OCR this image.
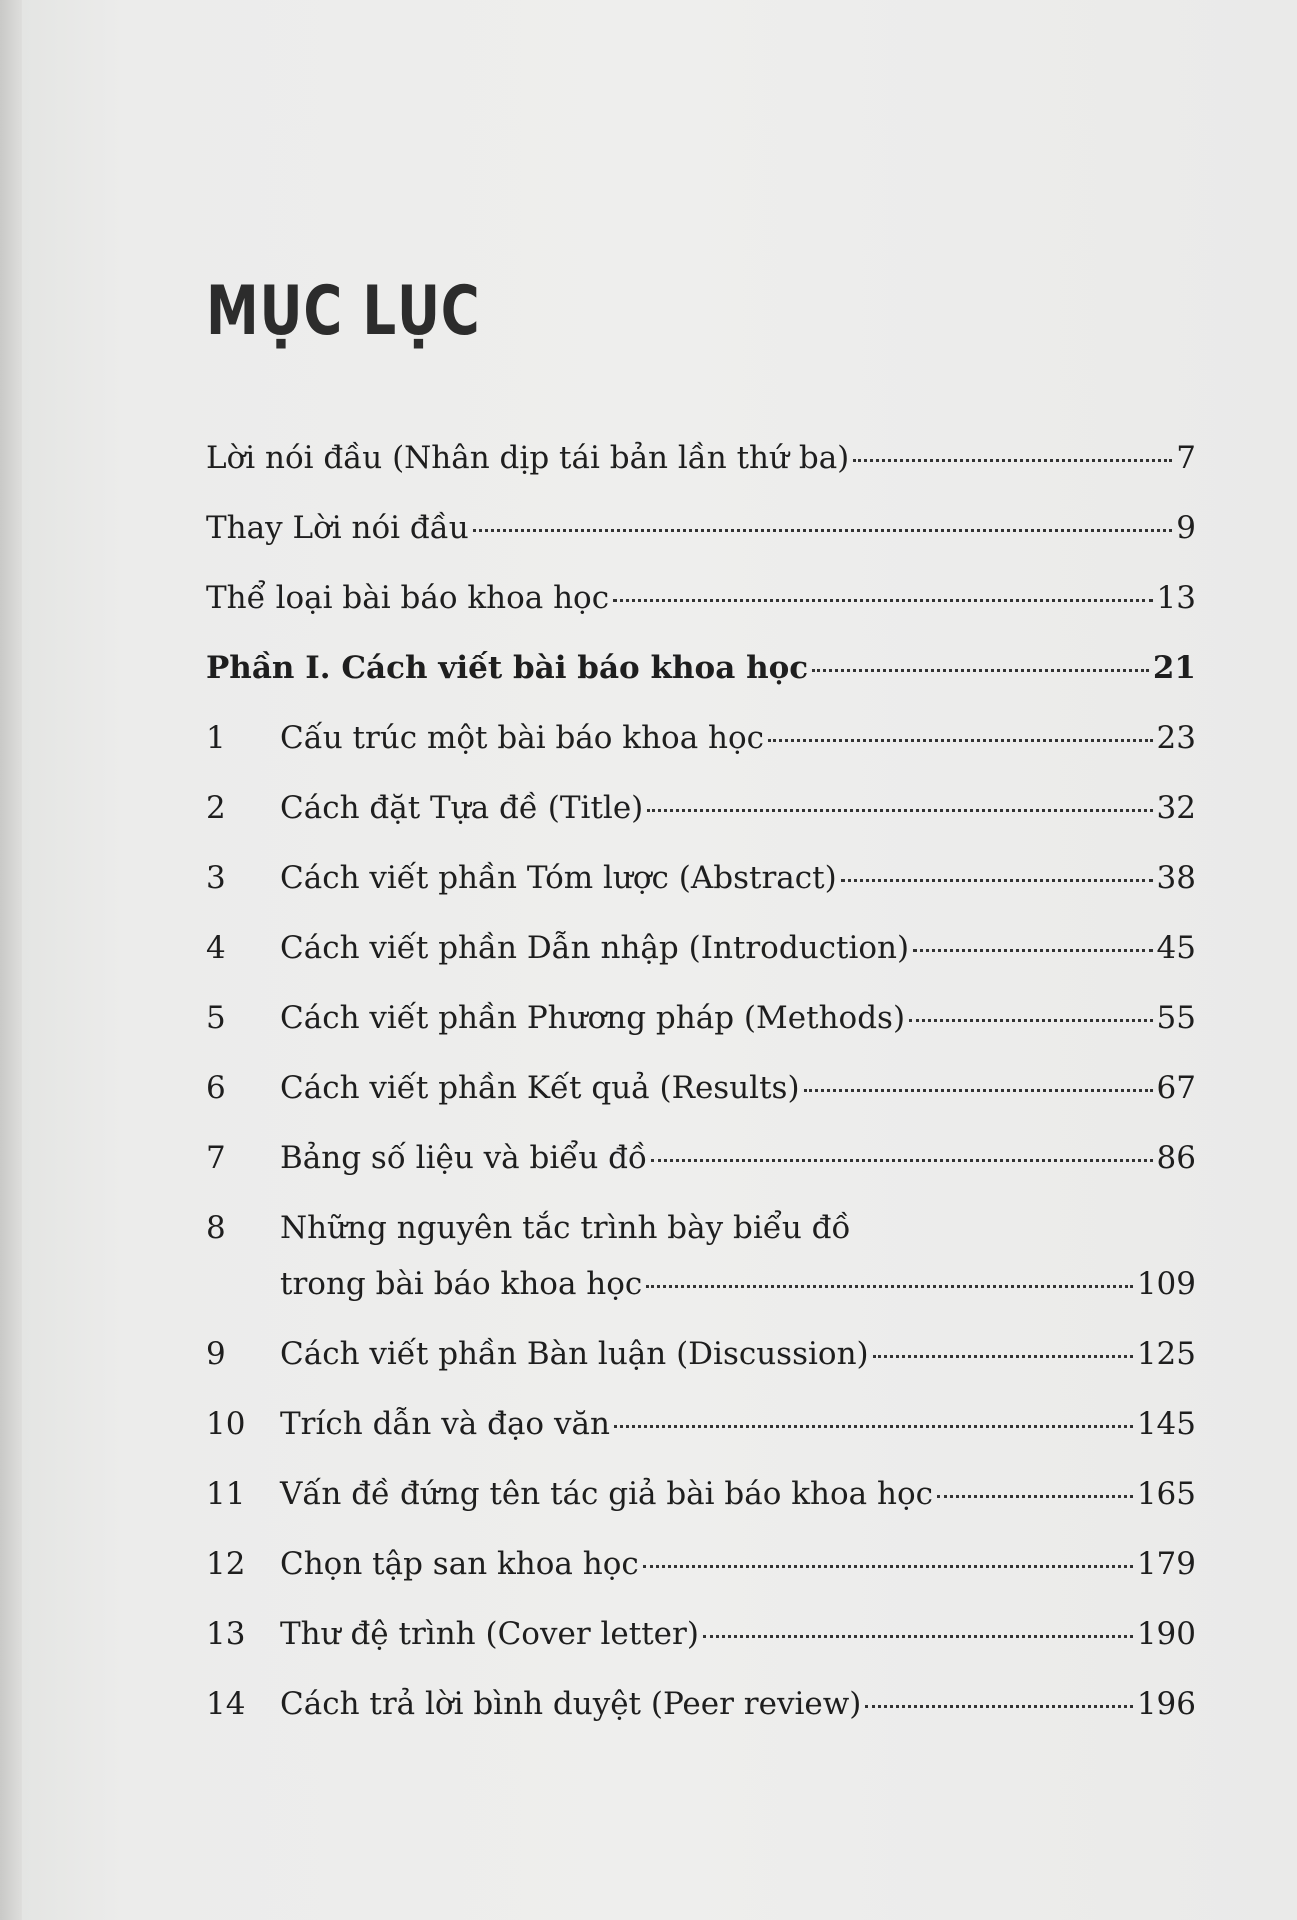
MỤC LỤC
Lời nói đầu (Nhân dịp tái bản lần thứ ba)	7
Thay Lời nói đầu	9
Thể loại bài báo khoa học	13
Phần I. Cách viết bài báo khoa học	21
1	Cấu trúc một bài báo khoa học	23
2	Cách đặt Tựa đề (Title)	32
3	Cách viết phần Tóm lược (Abstract)	38
4	Cách viết phần Dẫn nhập (Introduction)	45
5	Cách viết phần Phương pháp (Methods)	55
6	Cách viết phần Kết quả (Results)	67
7	Bảng số liệu và biểu đồ	86
8	Những nguyên tắc trình bày biểu đồ
trong bài báo khoa học	109
9	Cách viết phần Bàn luận (Discussion)	125
10	Trích dẫn và đạo văn	145
11	Vấn đề đứng tên tác giả bài báo khoa học	165
12	Chọn tập san khoa học	179
13	Thư đệ trình (Cover letter)	190
14	Cách trả lời bình duyệt (Peer review)	196
